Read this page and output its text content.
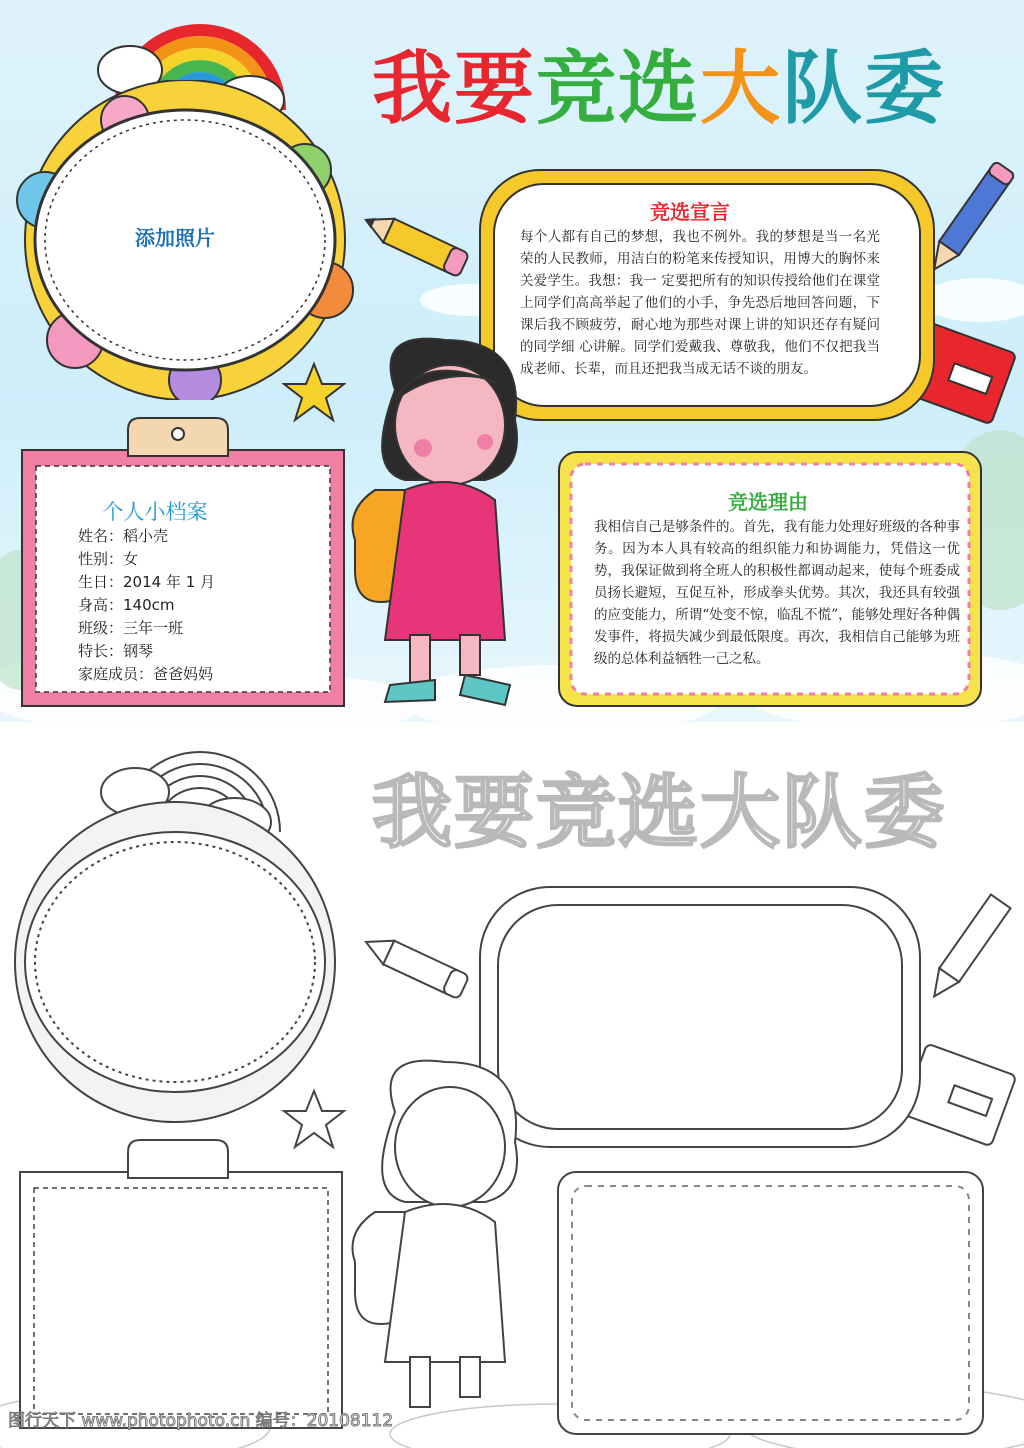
添加照片
我要竞选大队委
竞选宣言
每个人都有自己的梦想，我也不例外。我的梦想是当一名光荣的人民教师，用洁白的粉笔来传授知识，用博大的胸怀来关爱学生。我想：我一 定要把所有的知识传授给他们在课堂上同学们高高举起了他们的小手，争先恐后地回答问题，下课后我不顾疲劳，耐心地为那些对课上讲的知识还存有疑问的同学细 心讲解。同学们爱戴我、尊敬我，他们不仅把我当成老师、长辈，而且还把我当成无话不谈的朋友。
竞选理由
我相信自己是够条件的。首先，我有能力处理好班级的各种事务。因为本人具有较高的组织能力和协调能力，凭借这一优势，我保证做到将全班人的积极性都调动起来，使每个班委成员扬长避短，互促互补，形成拳头优势。其次，我还具有较强的应变能力，所谓“处变不惊，临乱不慌”，能够处理好各种偶发事件，将损失减少到最低限度。再次，我相信自己能够为班级的总体利益牺牲一己之私。
个人小档案
姓名：稻小壳
性别：女
生日：2014 年 1 月
身高：140cm
班级：三年一班
特长：钢琴
家庭成员：爸爸妈妈
我要竞选大队委
图行天下 www.photophoto.cn 编号：20108112
